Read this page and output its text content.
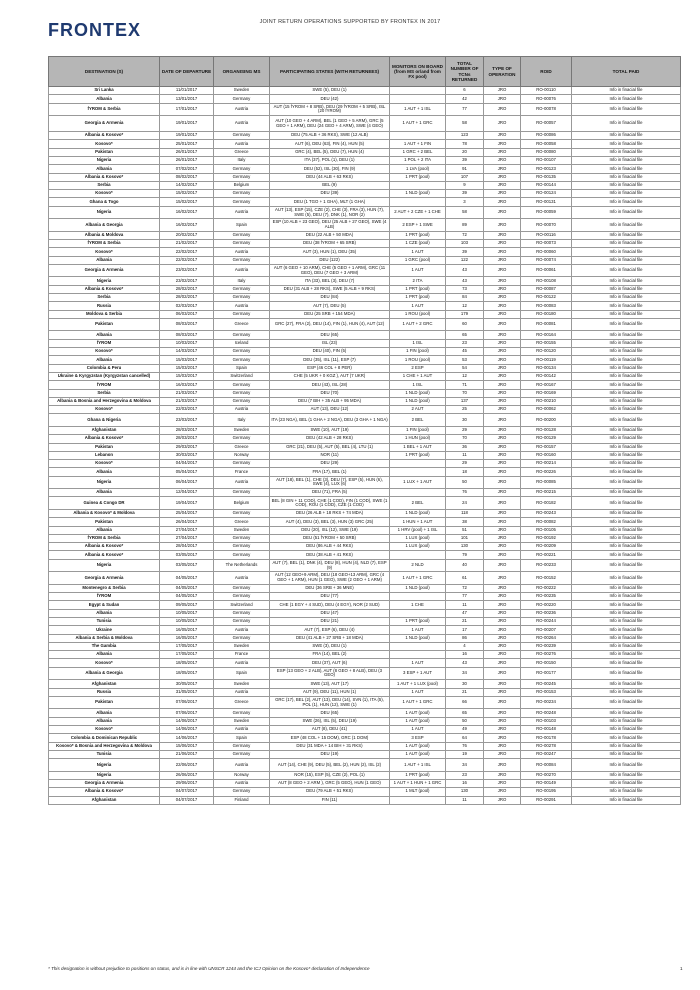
FRONTEX	JOINT RETURN OPERATIONS SUPPORTED BY FRONTEX IN 2017
DESTINATION (S)	DATE OF DEPARTURE	ORGANISING MS	PARTICIPATING STATES (WITH RETURNEES)	MONITORS ON BOARD (from MS or/and from FX pool)	TOTAL NUMBER OF TCNs RETURNED	TYPE OF OPERATION	ROID	TOTAL PAID
Sri Lanka	11/01/2017	Sweden	SWE (5), DEU (1)		6	JRO	RO-00110	Info in finacial file
Albania	13/01/2017	Germany	DEU (42)		42	JRO	RO-00076	Info in finacial file
fYROM & Serbia	17/01/2017	Austria	AUT (15 fYROM + 8 SRB), DEU (29 fYROM + 5 SRB), ISL (20 fYROM)	1 AUT + 1 ISL	77	JRO	RO-00078	Info in finacial file
Georgia & Armenia	19/01/2017	Austria	AUT (10 GEO + 4 ARM), BEL (1 GEO + 5 ARM), GRC (5 GEO + 1 ARM), DEU (24 GEO + 4 ARM), SWE (4 GEO)	1 AUT + 1 GRC	58	JRO	RO-00057	Info in finacial file
Albania & Kosovo*	19/01/2017	Germany	DEU (75 ALB + 36 RKS), SWE (12 ALB)		123	JRO	RO-00086	Info in finacial file
Kosovo*	25/01/2017	Austria	AUT (6), DEU (63), FIN (4), HUN (5)	1 AUT + 1 FIN	78	JRO	RO-00058	Info in finacial file
Pakistan	26/01/2017	Greece	GRC (4), BEL (5), DEU (7), HUN (4)	1 GRC + 2 BEL	20	JRO	RO-00080	Info in finacial file
Nigeria	26/01/2017	Italy	ITA (37), POL (1), DEU (1)	1 POL + 2 ITA	39	JRO	RO-00107	Info in finacial file
Albania	07/02/2017	Germany	DEU (52), ISL (30), FIN (9)	1 LVA (pool)	91	JRO	RO-00123	Info in finacial file
Albania & Kosovo*	08/02/2017	Germany	DEU (44 ALB + 63 RKS)	1 PRT (pool)	107	JRO	RO-00135	Info in finacial file
Serbia	14/02/2017	Belgium	BEL (9)		9	JRO	RO-00144	Info in finacial file
Kosovo*	15/02/2017	Germany	DEU (39)	1 NLD (pool)	39	JRO	RO-00124	Info in finacial file
Ghana & Togo	15/02/2017	Germany	DEU (1 TGO + 1 GHA), MLT (1 GHA)		3	JRO	RO-00131	Info in finacial file
Nigeria	16/02/2017	Austria	AUT (13), ESP (15), CZE (2), CHE (3), FRA (3), HUN (7), SWE (5), DEU (7), DNK (1), NOR (2)	2 AUT + 2 CZE + 1 CHE	58	JRO	RO-00059	Info in finacial file
Albania & Georgia	16/02/2017	Spain	ESP (10 ALB + 23 GEO), DEU (25 ALB + 27 GEO), SWE (4 ALB)	2 ESP + 1 SWE	89	JRO	RO-00070	Info in finacial file
Albania & Moldova	20/02/2017	Germany	DEU (22 ALB + 50 MDA)	1 PRT (pool)	72	JRO	RO-00116	Info in finacial file
fYROM & Serbia	21/02/2017	Germany	DEU (38 fYROM + 65 SRB)	1 CZE (pool)	103	JRO	RO-00073	Info in finacial file
Kosovo*	22/02/2017	Austria	AUT (3), HUN (1), DEU (35)	1 AUT	39	JRO	RO-00060	Info in finacial file
Albania	22/02/2017	Germany	DEU (122)	1 GRC (pool)	122	JRO	RO-00074	Info in finacial file
Georgia & Armenia	23/02/2017	Austria	AUT (6 GEO + 10 ARM), CHE (5 GEO + 1 ARM), GRC (11 GEO), DEU (7 GEO + 3 ARM)	1 AUT	43	JRO	RO-00061	Info in finacial file
Nigeria	23/02/2017	Italy	ITA (33), BEL (3), DEU (7)	2 ITA	43	JRO	RO-00108	Info in finacial file
Albania & Kosovo*	28/02/2017	Germany	DEU (31 ALB + 28 RKS), SWE (5 ALB + 9 RKS)	1 PRT (pool)	73	JRO	RO-00087	Info in finacial file
Serbia	28/02/2017	Germany	DEU (84)	1 PRT (pool)	84	JRO	RO-00122	Info in finacial file
Russia	02/03/2017	Austria	AUT (7), DEU (5)	1 AUT	12	JRO	RO-00083	Info in finacial file
Moldova & Serbia	06/03/2017	Germany	DEU (25 SRB + 154 MDA)	1 ROU (pool)	179	JRO	RO-00180	Info in finacial file
Pakistan	08/03/2017	Greece	GRC (27), FRA (2), DEU (14), FIN (1), HUN (4), AUT (12)	1 AUT + 2 GRC	60	JRO	RO-00081	Info in finacial file
Albania	08/03/2017	Germany	DEU (65)		65	JRO	RO-00164	Info in finacial file
fYROM	10/03/2017	Iceland	ISL (23)	1 ISL	23	JRO	RO-00155	Info in finacial file
Kosovo*	14/03/2017	Germany	DEU (40), FIN (5)	1 FIN (pool)	45	JRO	RO-00120	Info in finacial file
Albania	15/03/2017	Germany	DEU (35), ISL (11), ESP (7)	1 ROU (pool)	53	JRO	RO-00119	Info in finacial file
Colombia & Peru	15/03/2017	Spain	ESP (46 COL + 8 PER)	2 ESP	54	JRO	RO-00134	Info in finacial file
Ukraine & Kyrgyzstan (Kyrgyzstan cancelled)	15/03/2017	Switzerland	CHE (5 UKR + 0 KGZ ), AUT (7 UKR)	1 CHE + 1 AUT	12	JRO	RO-00142	Info in finacial file
fYROM	16/03/2017	Germany	DEU (43), ISL (28)	1 ISL	71	JRO	RO-00167	Info in finacial file
Serbia	21/03/2017	Germany	DEU (70)	1 NLD (pool)	70	JRO	RO-00169	Info in finacial file
Albania & Bosnia and Herzegovina & Moldova	21/03/2017	Germany	DEU (7 BIH + 35 ALB + 95 MDA)	1 NLD (pool)	137	JRO	RO-00210	Info in finacial file
Kosovo*	22/03/2017	Austria	AUT (13), DEU (12)	2 AUT	25	JRO	RO-00062	Info in finacial file
Ghana & Nigeria	23/03/2017	Italy	ITA (23 NGA), BEL (1 GHA + 2 NGA), DEU (3 GHA + 1 NGA)	2 BEL	30	JRO	RO-00200	Info in finacial file
Afghanistan	28/03/2017	Sweden	SWE (10), AUT (19)	1 FIN (pool)	29	JRO	RO-00128	Info in finacial file
Albania & Kosovo*	28/03/2017	Germany	DEU (42 ALB + 28 RKS)	1 HUN (pool)	70	JRO	RO-00129	Info in finacial file
Pakistan	29/03/2017	Greece	GRC (21), DEU (5), AUT (5), BEL (4), LTU (1)	1 BEL + 1 AUT	36	JRO	RO-00157	Info in finacial file
Lebanon	30/03/2017	Norway	NOR (11)	1 PRT (pool)	11	JRO	RO-00160	Info in finacial file
Kosovo*	04/04/2017	Germany	DEU (29)		29	JRO	RO-00214	Info in finacial file
Albania	05/04/2017	France	FRA (17), BEL (1)		18	JRO	RO-00226	Info in finacial file
Nigeria	06/04/2017	Austria	AUT (18), BEL (1), CHE (3), DEU (7), ESP (5), HUN (6), SWE (4), LUX (6)	1 LUX + 1 AUT	50	JRO	RO-00085	Info in finacial file
Albania	12/04/2017	Germany	DEU (71), FRA (5)		76	JRO	RO-00215	Info in finacial file
Guinea & Congo DR	19/04/2017	Belgium	BEL (8 GIN + 11 COD), CHE (1 COD), FIN (1 COD), SWE (1 COD), ROU (1 COD), CZE (1 COD)	2 BEL	24	JRO	RO-00182	Info in finacial file
Albania & Kosovo* & Moldova	25/04/2017	Germany	DEU (26 ALB + 18 RKS + 74 MDA)	1 NLD (pool)	118	JRO	RO-00243	Info in finacial file
Pakistan	26/04/2017	Greece	AUT (4), DEU (3), BEL (3), HUN (3) GRC (25)	1 HUN + 1 AUT	38	JRO	RO-00082	Info in finacial file
Albania	27/04/2017	Sweden	DEU (20), ISL (12), SWE (19)	1 HRV (pool) + 1 ISL	51	JRO	RO-00105	Info in finacial file
fYROM & Serbia	27/04/2017	Germany	DEU (51 fYROM + 50 SRB)	1 LUX (pool)	101	JRO	RO-00192	Info in finacial file
Albania & Kosovo*	28/04/2017	Germany	DEU (86 ALB + 44 RKS)	1 LUX (pool)	130	JRO	RO-00209	Info in finacial file
Albania & Kosovo*	03/05/2017	Germany	DEU (38 ALB + 41 RKS)		79	JRO	RO-00221	Info in finacial file
Nigeria	03/05/2017	The Netherlands	AUT (7), BEL (1), DNK (4), DEU (8), HUN (4), NLD (7), ESP (9)	2 NLD	40	JRO	RO-00233	Info in finacial file
Georgia & Armenia	04/05/2017	Austria	AUT (12 GEO+9 ARM), DEU (18 GEO+13 ARM), GRC (4 GEO + 1 ARM), HUN (1 GEO), SWE (2 GEO + 1 ARM)	1 AUT + 1 GRC	61	JRO	RO-00152	Info in finacial file
Montenegro & Serbia	04/05/2017	Germany	DEU (36 SRB + 36 MNE)	1 NLD (pool)	72	JRO	RO-00222	Info in finacial file
fYROM	04/05/2017	Germany	DEU (77)		77	JRO	RO-00235	Info in finacial file
Egypt & Sudan	09/05/2017	Switzerland	CHE (1 EGY + 4 SUD), DEU (4 EGY), NOR (2 SUD)	1 CHE	11	JRO	RO-00220	Info in finacial file
Albania	10/05/2017	Germany	DEU (47)		47	JRO	RO-00236	Info in finacial file
Tunisia	10/05/2017	Germany	DEU (21)	1 PRT (pool)	21	JRO	RO-00244	Info in finacial file
Ukraine	16/05/2017	Austria	AUT (7), ESP (6), DEU (4)	1 AUT	17	JRO	RO-00207	Info in finacial file
Albania & Serbia & Moldova	16/05/2017	Germany	DEU (41 ALB + 27 SRB + 18 MDA)	1 NLD (pool)	86	JRO	RO-00264	Info in finacial file
The Gambia	17/05/2017	Sweden	SWE (3), DEU (1)		4	JRO	RO-00239	Info in finacial file
Albania	17/05/2017	France	FRA (14), BEL (2)		16	JRO	RO-00276	Info in finacial file
Kosovo*	18/05/2017	Austria	DEU (37), AUT (6)	1 AUT	43	JRO	RO-00150	Info in finacial file
Albania & Georgia	18/05/2017	Spain	ESP (13 GEO + 2 ALB), AUT (8 GEO + 8 ALB), DEU (3 GEO)	3 ESP + 1 AUT	34	JRO	RO-00177	Info in finacial file
Afghanistan	30/05/2017	Sweden	SWE (13), AUT (17)	1 AUT + 1 LUX (pool)	30	JRO	RO-00245	Info in finacial file
Russia	31/05/2017	Austria	AUT (9), DEU (11), HUN (1)	1 AUT	21	JRO	RO-00153	Info in finacial file
Pakistan	07/06/2017	Greece	GRC (17), BEL (2), AUT (13), DEU (14), SVN (1), ITA (5), POL (1), HUN (12), SWE (1)	1 AUT + 1 GRC	66	JRO	RO-00234	Info in finacial file
Albania	07/06/2017	Germany	DEU (65)	1 AUT (pool)	65	JRO	RO-00248	Info in finacial file
Albania	14/06/2017	Sweden	SWE (26), ISL (5), DEU (19)	1 AUT (pool)	50	JRO	RO-00103	Info in finacial file
Kosovo*	14/06/2017	Austria	AUT (8), DEU (41)	1 AUT	49	JRO	RO-00148	Info in finacial file
Colombia & Dominican Republic	14/06/2017	Spain	ESP (48 COL + 15 DOM), GRC (1 DOM)	3 ESP	64	JRO	RO-00178	Info in finacial file
Kosovo* & Bosnia and Herzegovina & Moldova	15/06/2017	Germany	DEU (31 MDA + 14 BIH + 31 RKS)	1 AUT (pool)	76	JRO	RO-00278	Info in finacial file
Tunisia	21/06/2017	Germany	DEU (19)	1 AUT (pool)	19	JRO	RO-00247	Info in finacial file
Nigeria	22/06/2017	Austria	AUT (14), CHE (9), DEU (5), BEL (2), HUN (2), ISL (2)	1 AUT + 1 ISL	34	JRO	RO-00084	Info in finacial file
Nigeria	26/06/2017	Norway	NOR (15), ESP (5), CZE (2), POL (1)	1 PRT (pool)	23	JRO	RO-00270	Info in finacial file
Georgia & Armenia	29/06/2017	Austria	AUT (8 GEO + 2 ARM ), GRC (5 GEO), HUN (1 GEO)	1 AUT + 1 HUN + 1 GRC	16	JRO	RO-00149	Info in finacial file
Albania & Kosovo*	04/07/2017	Germany	DEU (79 ALB + 51 RKS)	1 MLT (pool)	130	JRO	RO-00195	Info in finacial file
Afghanistan	04/07/2017	Finland	FIN (11)		11	JRO	RO-00291	Info in finacial file
* This designation is without prejudice to positions on status, and is in line with UNSCR 1244 and the ICJ Opinion on the Kosovo* declaration of Independence	1
